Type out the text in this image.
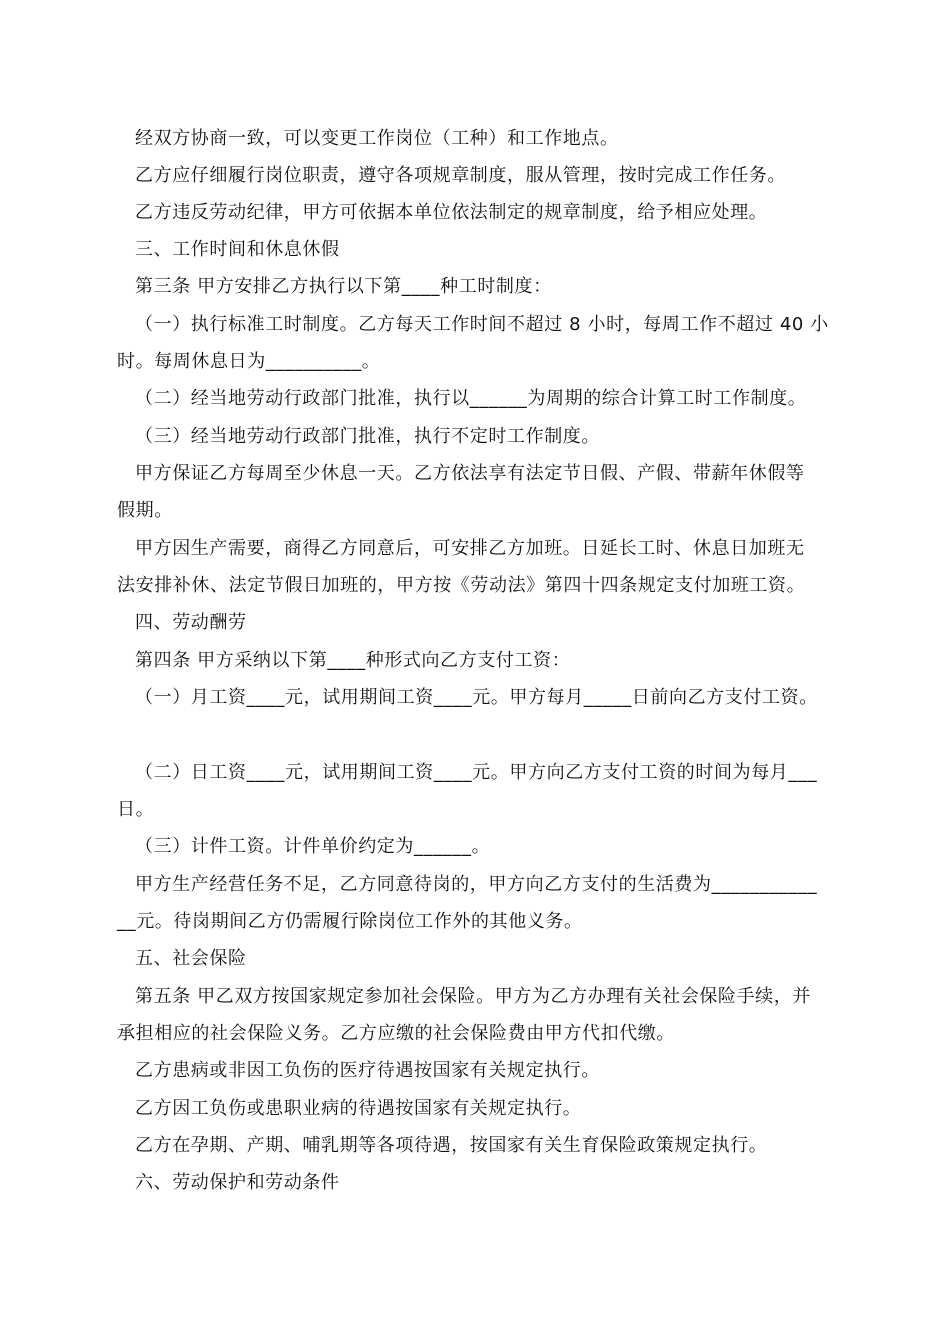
经双方协商一致，可以变更工作岗位（工种）和工作地点。
乙方应仔细履行岗位职责，遵守各项规章制度，服从管理，按时完成工作任务。
乙方违反劳动纪律，甲方可依据本单位依法制定的规章制度，给予相应处理。
三、工作时间和休息休假
第三条 甲方安排乙方执行以下第____种工时制度：
（一）执行标准工时制度。乙方每天工作时间不超过 8 小时，每周工作不超过 40 小
时。每周休息日为__________。
（二）经当地劳动行政部门批准，执行以______为周期的综合计算工时工作制度。
（三）经当地劳动行政部门批准，执行不定时工作制度。
甲方保证乙方每周至少休息一天。乙方依法享有法定节日假、产假、带薪年休假等
假期。
甲方因生产需要，商得乙方同意后，可安排乙方加班。日延长工时、休息日加班无
法安排补休、法定节假日加班的，甲方按《劳动法》第四十四条规定支付加班工资。
四、劳动酬劳
第四条 甲方采纳以下第____种形式向乙方支付工资：
（一）月工资____元，试用期间工资____元。甲方每月_____日前向乙方支付工资。
（二）日工资____元，试用期间工资____元。甲方向乙方支付工资的时间为每月___
日。
（三）计件工资。计件单价约定为______。
甲方生产经营任务不足，乙方同意待岗的，甲方向乙方支付的生活费为___________
__元。待岗期间乙方仍需履行除岗位工作外的其他义务。
五、社会保险
第五条 甲乙双方按国家规定参加社会保险。甲方为乙方办理有关社会保险手续，并
承担相应的社会保险义务。乙方应缴的社会保险费由甲方代扣代缴。
乙方患病或非因工负伤的医疗待遇按国家有关规定执行。
乙方因工负伤或患职业病的待遇按国家有关规定执行。
乙方在孕期、产期、哺乳期等各项待遇，按国家有关生育保险政策规定执行。
六、劳动保护和劳动条件
